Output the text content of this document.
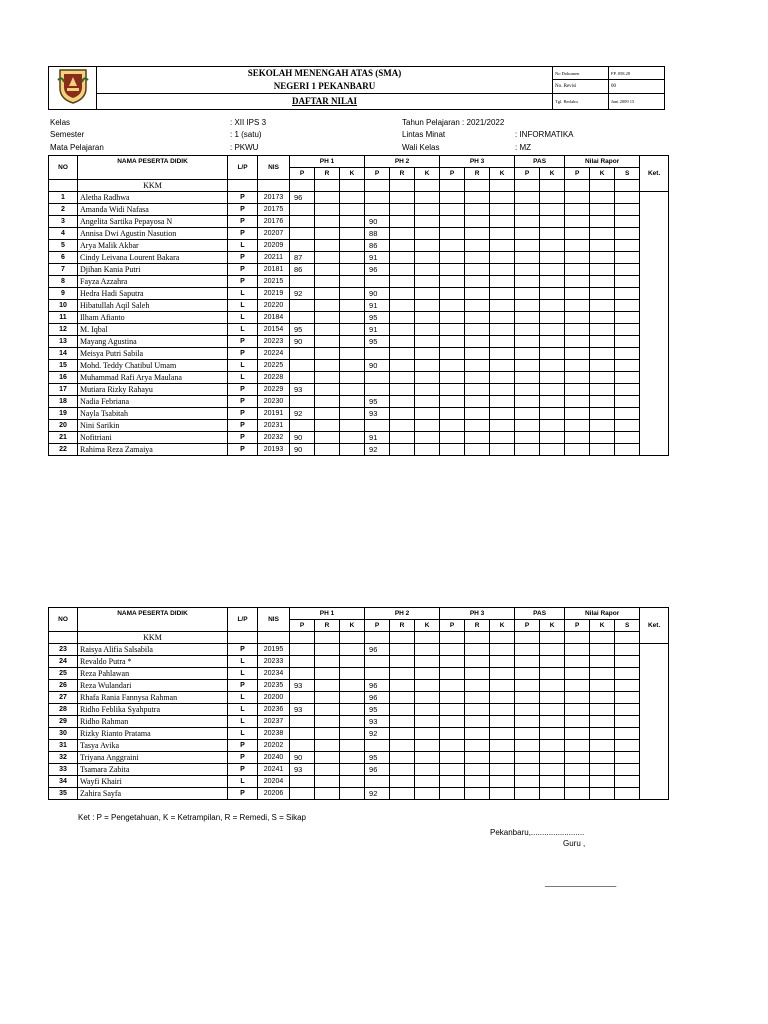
	SEKOLAH MENENGAH ATAS (SMA)	No Dokumen	FP. 058.28
	NEGERI 1 PEKANBARU	No. Revisi	00
	DAFTAR NILAI	Tgl. Berlaku	Juni 2009 15
Kelas	: XII IPS 3
Semester	: 1 (satu)
Mata Pelajaran	: PKWU
Tahun Pelajaran : 2021/2022
Lintas Minat	: INFORMATIKA
Wali Kelas	: MZ
NO	NAMA PESERTA DIDIK	L/P	NIS	PH 1			PH 2			PH 3			PAS		Nilai Rapor			Ket.
				P	R	K	P	R	K	P	R	K	P	K	P	K	S	
	KKM																	
1	Aletha Radhwa	P	20173	96														
2	Amanda Widi Nafasa	P	20175															
3	Angelita Sartika Pepayosa N	P	20176				90											
4	Annisa Dwi Agustin Nasution	P	20207				88											
5	Arya Malik Akbar	L	20209				86											
6	Cindy Leivana Lourent Bakara	P	20211	87			91											
7	Djihan Kania Putri	P	20181	86			96											
8	Fayza Azzahra	P	20215															
9	Hedra Hadi Saputra	L	20219	92			90											
10	Hibatullah Aqil Saleh	L	20220				91											
11	Ilham Afianto	L	20184				95											
12	M. Iqbal	L	20154	95			91											
13	Mayang Agustina	P	20223	90			95											
14	Meisya Putri Sabila	P	20224															
15	Mohd. Teddy Chatibul Umam	L	20225				90											
16	Muhammad Rafi Arya Maulana	L	20228															
17	Mutiara Rizky Rahayu	P	20229	93														
18	Nadia Febriana	P	20230				95											
19	Nayla Tsabitah	P	20191	92			93											
20	Nini Sarikin	P	20231															
21	Nofitriani	P	20232	90			91											
22	Rahima Reza Zamaiya	P	20193	90			92											
NO	NAMA PESERTA DIDIK	L/P	NIS	PH 1			PH 2			PH 3			PAS		Nilai Rapor			Ket.
				P	R	K	P	R	K	P	R	K	P	K	P	K	S	
	KKM																	
23	Raisya Alifia Salsabila	P	20195				96											
24	Revaldo Putra *	L	20233															
25	Reza Pahlawan	L	20234															
26	Reza Wulandari	P	20235	93			96											
27	Rhafa Rania Fannysa Rahman	L	20200				96											
28	Ridho Feblika Syahputra	L	20236	93			95											
29	Ridho Rahman	L	20237				93											
30	Rizky Rianto Pratama	L	20238				92											
31	Tasya Avika	P	20202															
32	Triyana Anggraini	P	20240	90			95											
33	Tsamara Zabita	P	20241	93			96											
34	Wayfi Khairi	L	20204															
35	Zahira Sayfa	P	20206				92											
Ket : P = Pengetahuan, K = Ketrampilan, R = Remedi, S = Sikap
Pekanbaru,........................
Guru ,
________________
